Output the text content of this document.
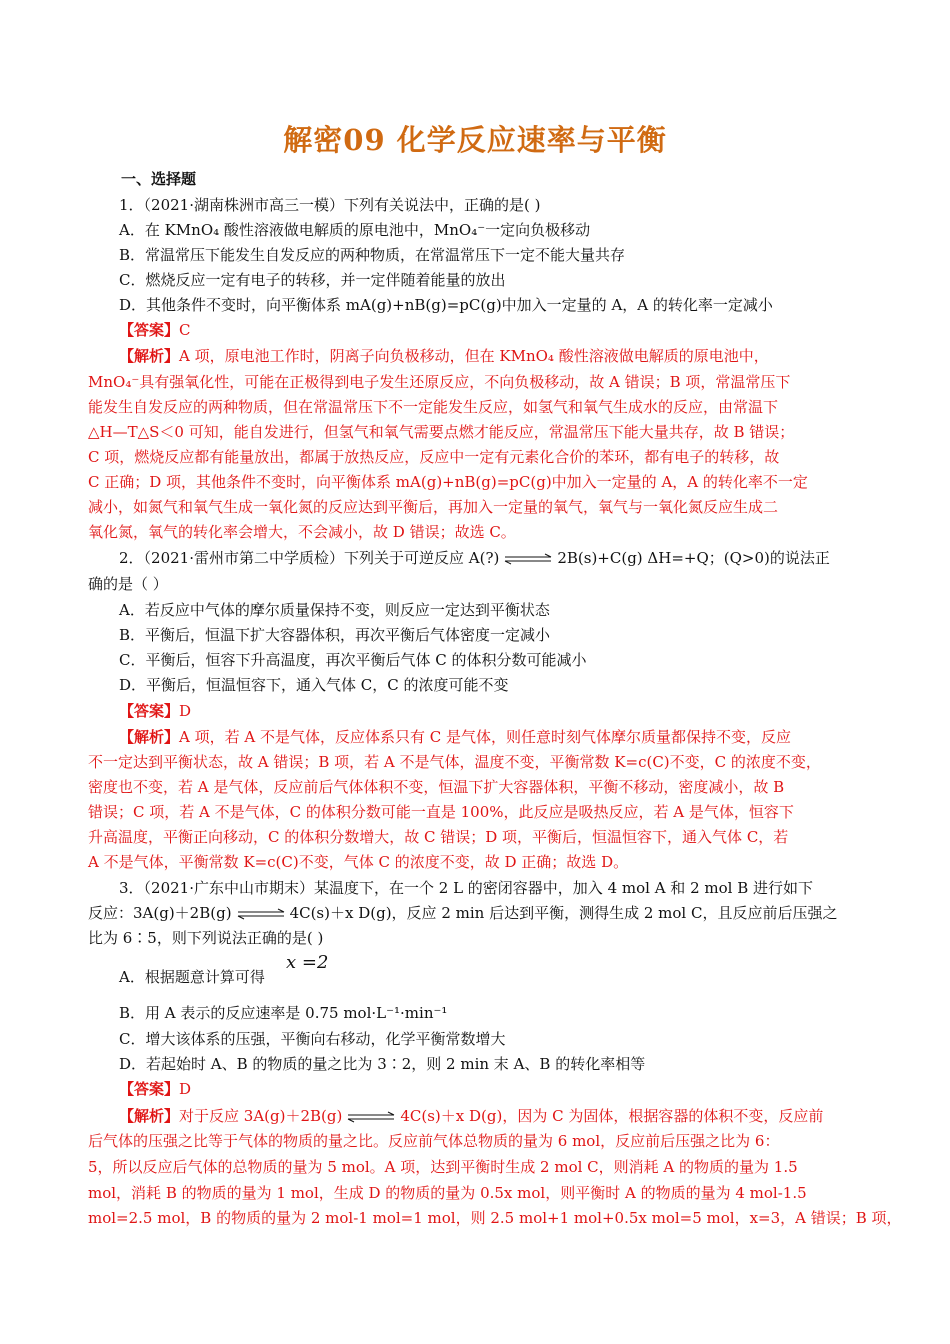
解密09 化学反应速率与平衡
一、选择题
1．（2021·湖南株洲市高三一模）下列有关说法中，正确的是( )
A．在 KMnO₄ 酸性溶液做电解质的原电池中，MnO₄⁻一定向负极移动
B．常温常压下能发生自发反应的两种物质，在常温常压下一定不能大量共存
C．燃烧反应一定有电子的转移，并一定伴随着能量的放出
D．其他条件不变时，向平衡体系 mA(g)+nB(g)=pC(g)中加入一定量的 A，A 的转化率一定减小
【答案】C
【解析】A 项，原电池工作时，阴离子向负极移动，但在 KMnO₄ 酸性溶液做电解质的原电池中，
MnO₄⁻具有强氧化性，可能在正极得到电子发生还原反应，不向负极移动，故 A 错误；B 项，常温常压下
能发生自发反应的两种物质，但在常温常压下不一定能发生反应，如氢气和氧气生成水的反应，由常温下
△H—T△S＜0 可知，能自发进行，但氢气和氧气需要点燃才能反应，常温常压下能大量共存，故 B 错误；
C 项，燃烧反应都有能量放出，都属于放热反应，反应中一定有元素化合价的苯环，都有电子的转移，故
C 正确；D 项，其他条件不变时，向平衡体系 mA(g)+nB(g)=pC(g)中加入一定量的 A，A 的转化率不一定
减小，如氮气和氧气生成一氧化氮的反应达到平衡后，再加入一定量的氧气，氧气与一氧化氮反应生成二
氧化氮，氧气的转化率会增大，不会减小，故 D 错误；故选 C。
2．（2021·雷州市第二中学质检）下列关于可逆反应 A(?) ⇌ 2B(s)+C(g) ΔH=+Q；(Q>0)的说法正
确的是（ ）
A．若反应中气体的摩尔质量保持不变，则反应一定达到平衡状态
B．平衡后，恒温下扩大容器体积，再次平衡后气体密度一定减小
C．平衡后，恒容下升高温度，再次平衡后气体 C 的体积分数可能减小
D．平衡后，恒温恒容下，通入气体 C，C 的浓度可能不变
【答案】D
【解析】A 项，若 A 不是气体，反应体系只有 C 是气体，则任意时刻气体摩尔质量都保持不变，反应
不一定达到平衡状态，故 A 错误；B 项，若 A 不是气体，温度不变，平衡常数 K=c(C)不变，C 的浓度不变，
密度也不变，若 A 是气体，反应前后气体体积不变，恒温下扩大容器体积，平衡不移动，密度减小，故 B
错误；C 项，若 A 不是气体，C 的体积分数可能一直是 100%，此反应是吸热反应，若 A 是气体，恒容下
升高温度，平衡正向移动，C 的体积分数增大，故 C 错误；D 项，平衡后，恒温恒容下，通入气体 C，若
A 不是气体，平衡常数 K=c(C)不变，气体 C 的浓度不变，故 D 正确；故选 D。
3．（2021·广东中山市期末）某温度下，在一个 2 L 的密闭容器中，加入 4 mol A 和 2 mol B 进行如下
反应：3A(g)＋2B(g) ⇌ 4C(s)＋x D(g)，反应 2 min 后达到平衡，测得生成 2 mol C，且反应前后压强之
比为 6∶5，则下列说法正确的是( )
x =2
A．根据题意计算可得
B．用 A 表示的反应速率是 0.75 mol·L⁻¹·min⁻¹
C．增大该体系的压强，平衡向右移动，化学平衡常数增大
D．若起始时 A、B 的物质的量之比为 3∶2，则 2 min 末 A、B 的转化率相等
【答案】D
【解析】对于反应 3A(g)＋2B(g) ⇌ 4C(s)＋x D(g)，因为 C 为固体，根据容器的体积不变，反应前
后气体的压强之比等于气体的物质的量之比。反应前气体总物质的量为 6 mol，反应前后压强之比为 6：
5，所以反应后气体的总物质的量为 5 mol。A 项，达到平衡时生成 2 mol C，则消耗 A 的物质的量为 1.5
mol，消耗 B 的物质的量为 1 mol，生成 D 的物质的量为 0.5x mol，则平衡时 A 的物质的量为 4 mol-1.5
mol=2.5 mol，B 的物质的量为 2 mol-1 mol=1 mol，则 2.5 mol+1 mol+0.5x mol=5 mol，x=3，A 错误；B 项，
